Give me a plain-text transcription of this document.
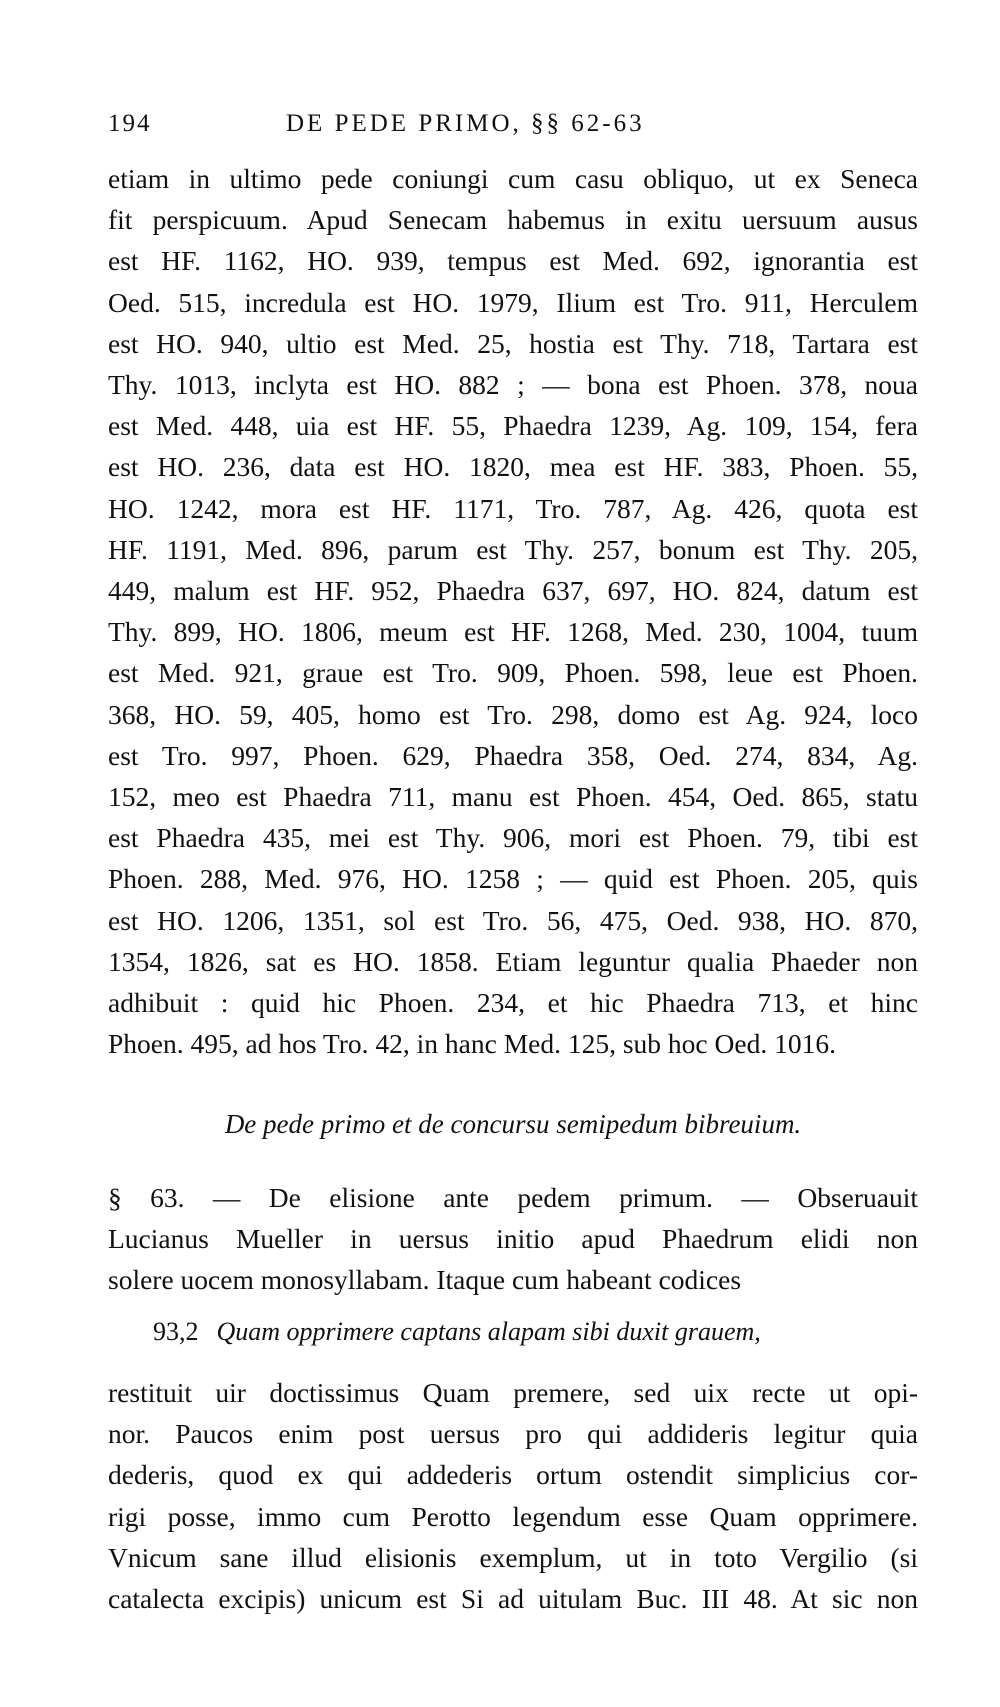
194	DE PEDE PRIMO, §§ 62-63
etiam in ultimo pede coniungi cum casu obliquo, ut ex Seneca
fit perspicuum. Apud Senecam habemus in exitu uersuum ausus
est HF. 1162, HO. 939, tempus est Med. 692, ignorantia est
Oed. 515, incredula est HO. 1979, Ilium est Tro. 911, Herculem
est HO. 940, ultio est Med. 25, hostia est Thy. 718, Tartara est
Thy. 1013, inclyta est HO. 882 ; — bona est Phoen. 378, noua
est Med. 448, uia est HF. 55, Phaedra 1239, Ag. 109, 154, fera
est HO. 236, data est HO. 1820, mea est HF. 383, Phoen. 55,
HO. 1242, mora est HF. 1171, Tro. 787, Ag. 426, quota est
HF. 1191, Med. 896, parum est Thy. 257, bonum est Thy. 205,
449, malum est HF. 952, Phaedra 637, 697, HO. 824, datum est
Thy. 899, HO. 1806, meum est HF. 1268, Med. 230, 1004, tuum
est Med. 921, graue est Tro. 909, Phoen. 598, leue est Phoen.
368, HO. 59, 405, homo est Tro. 298, domo est Ag. 924, loco
est Tro. 997, Phoen. 629, Phaedra 358, Oed. 274, 834, Ag.
152, meo est Phaedra 711, manu est Phoen. 454, Oed. 865, statu
est Phaedra 435, mei est Thy. 906, mori est Phoen. 79, tibi est
Phoen. 288, Med. 976, HO. 1258 ; — quid est Phoen. 205, quis
est HO. 1206, 1351, sol est Tro. 56, 475, Oed. 938, HO. 870,
1354, 1826, sat es HO. 1858. Etiam leguntur qualia Phaeder non
adhibuit : quid hic Phoen. 234, et hic Phaedra 713, et hinc
Phoen. 495, ad hos Tro. 42, in hanc Med. 125, sub hoc Oed. 1016.
De pede primo et de concursu semipedum bibreuium.
§ 63. — De elisione ante pedem primum. — Obseruauit
Lucianus Mueller in uersus initio apud Phaedrum elidi non
solere uocem monosyllabam. Itaque cum habeant codices
93,2 Quam opprimere captans alapam sibi duxit grauem,
restituit uir doctissimus Quam premere, sed uix recte ut opi-
nor. Paucos enim post uersus pro qui addideris legitur quia
dederis, quod ex qui addederis ortum ostendit simplicius cor-
rigi posse, immo cum Perotto legendum esse Quam opprimere.
Vnicum sane illud elisionis exemplum, ut in toto Vergilio (si
catalecta excipis) unicum est Si ad uitulam Buc. III 48. At sic non
